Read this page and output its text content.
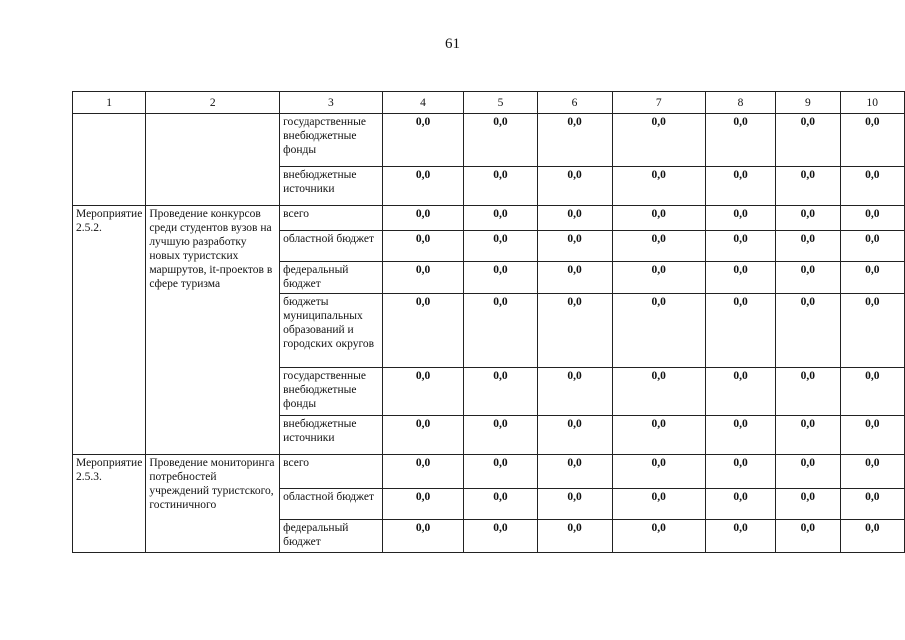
61
1	2	3	4	5	6	7	8	9	10
		государственные внебюджетные фонды	0,0	0,0	0,0	0,0	0,0	0,0	0,0
		внебюджетные источники	0,0	0,0	0,0	0,0	0,0	0,0	0,0
Мероприятие 2.5.2.	Проведение конкурсов среди студентов вузов на лучшую разработку новых туристских маршрутов, it-проектов в сфере туризма	всего	0,0	0,0	0,0	0,0	0,0	0,0	0,0
		областной бюджет	0,0	0,0	0,0	0,0	0,0	0,0	0,0
		федеральный бюджет	0,0	0,0	0,0	0,0	0,0	0,0	0,0
		бюджеты муниципальных образований и городских округов	0,0	0,0	0,0	0,0	0,0	0,0	0,0
		государственные внебюджетные фонды	0,0	0,0	0,0	0,0	0,0	0,0	0,0
		внебюджетные источники	0,0	0,0	0,0	0,0	0,0	0,0	0,0
Мероприятие 2.5.3.	Проведение мониторинга потребностей учреждений туристского, гостиничного	всего	0,0	0,0	0,0	0,0	0,0	0,0	0,0
		областной бюджет	0,0	0,0	0,0	0,0	0,0	0,0	0,0
		федеральный бюджет	0,0	0,0	0,0	0,0	0,0	0,0	0,0
